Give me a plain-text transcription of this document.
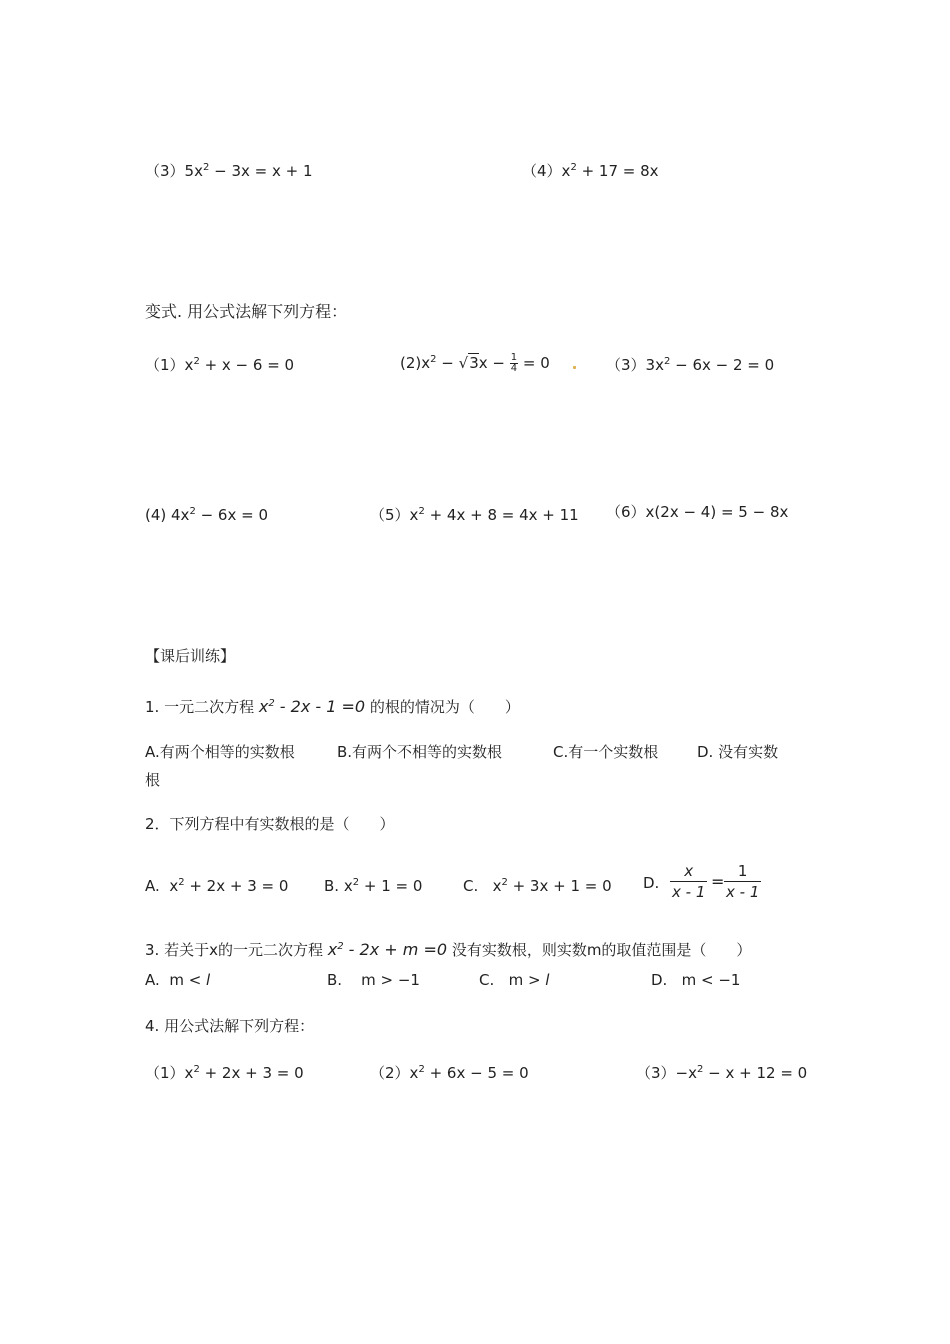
$(3)5x^2 - 3x = x + 1$	$(4)x^2 + 17 = 8x$
变式. 用公式法解下列方程：
$(1)x^2 + x - 6 = 0$	$(2)x^2 - √3x - \frac{1}{4} = 0$	$(3)3x^2 - 6x - 2 = 0$
(4) $4x^2 - 6x = 0$	$(5)x^2 + 4x + 8 = 4x + 11$ （6）x(2x − 4) = 5 − 8x
【课后训练】
1. 一元二次方程 $x^2 - 2x - 1 =0$ 的根的情况为（　　）
A.有两个相等的实数根	B.有两个不相等的实数根	C.有一个实数根	D. 没有实数
根
2．下列方程中有实数根的是（　　）
A. $x^2 + 2x + 3 = 0$ B. $x^2 + 1 = 0$	C. $x^2 + 3x + 1 = 0$ D. $\frac{x}{x - 1} = \frac{1}{x - 1}$
3. 若关于x的一元二次方程 $x^2 - 2x + m =0$ 没有实数根，则实数m的取值范围是（　　）
A. m < l	B. m > −1	C. m > l	D. m < −1
4. 用公式法解下列方程：
$(1)x^2 + 2x + 3 = 0$	$(2)x^2 + 6x - 5 = 0$	$(3)-x^2 - x + 12 = 0$
